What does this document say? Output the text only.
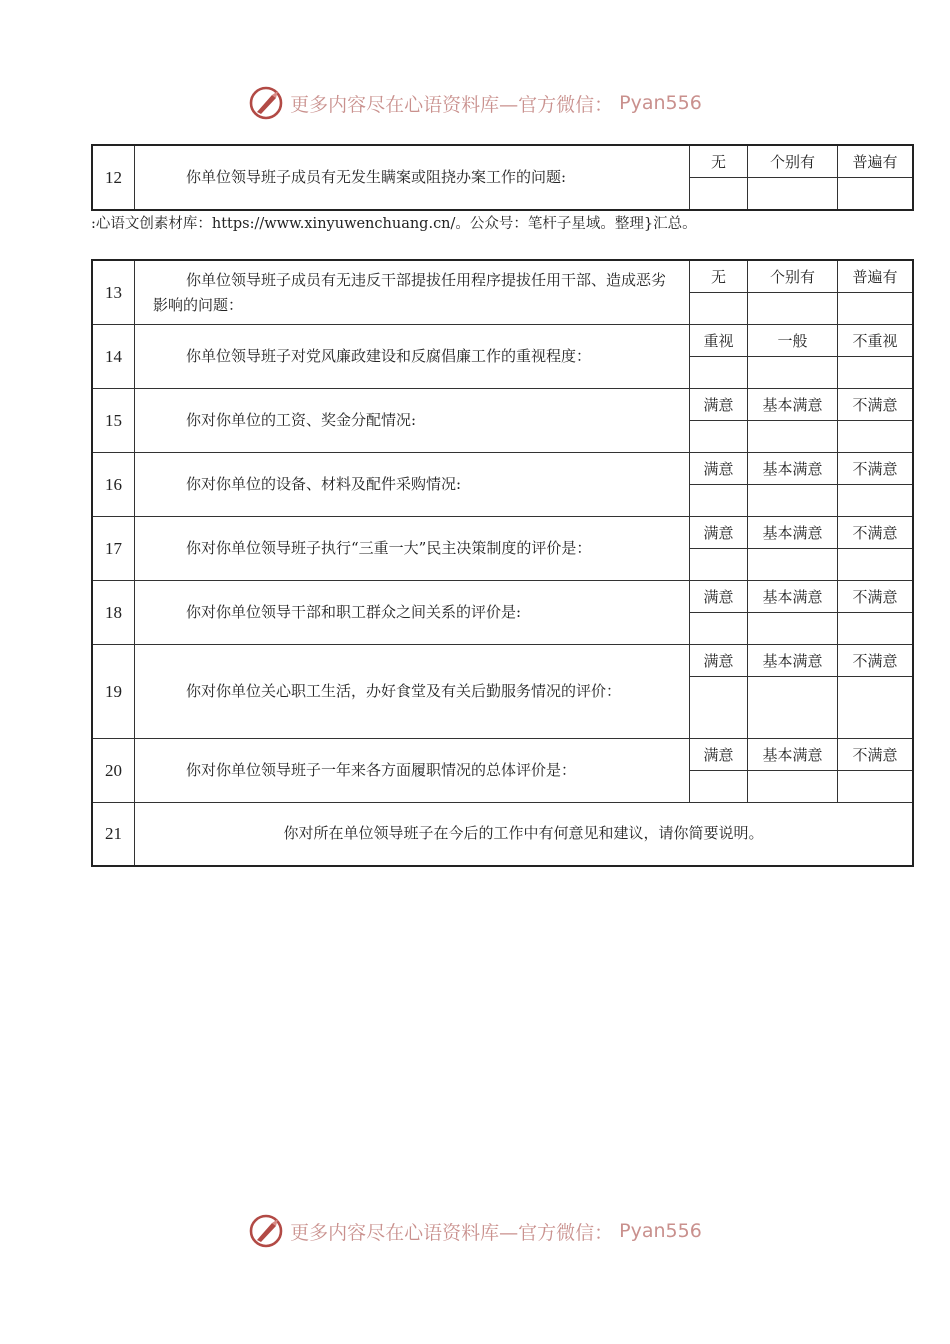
更多内容尽在心语资料库—官方微信： Pyan556
12	你单位领导班子成员有无发生瞒案或阻挠办案工作的问题:	无	个别有	普遍有

:心语文创素材库：https://www.xinyuwenchuang.cn/。公众号：笔杆子星域。整理}汇总。
13	你单位领导班子成员有无违反干部提拔任用程序提拔任用干部、造成恶劣影响的问题：	无	个别有	普遍有

14	你单位领导班子对党风廉政建设和反腐倡廉工作的重视程度：	重视	一般	不重视

15	你对你单位的工资、奖金分配情况:	满意	基本满意	不满意

16	你对你单位的设备、材料及配件采购情况:	满意	基本满意	不满意

17	你对你单位领导班子执行“三重一大”民主决策制度的评价是：	满意	基本满意	不满意

18	你对你单位领导干部和职工群众之间关系的评价是:	满意	基本满意	不满意

19	你对你单位关心职工生活，办好食堂及有关后勤服务情况的评价：	满意	基本满意	不满意

20	你对你单位领导班子一年来各方面履职情况的总体评价是：	满意	基本满意	不满意

21	你对所在单位领导班子在今后的工作中有何意见和建议，请你简要说明。			
更多内容尽在心语资料库—官方微信： Pyan556
